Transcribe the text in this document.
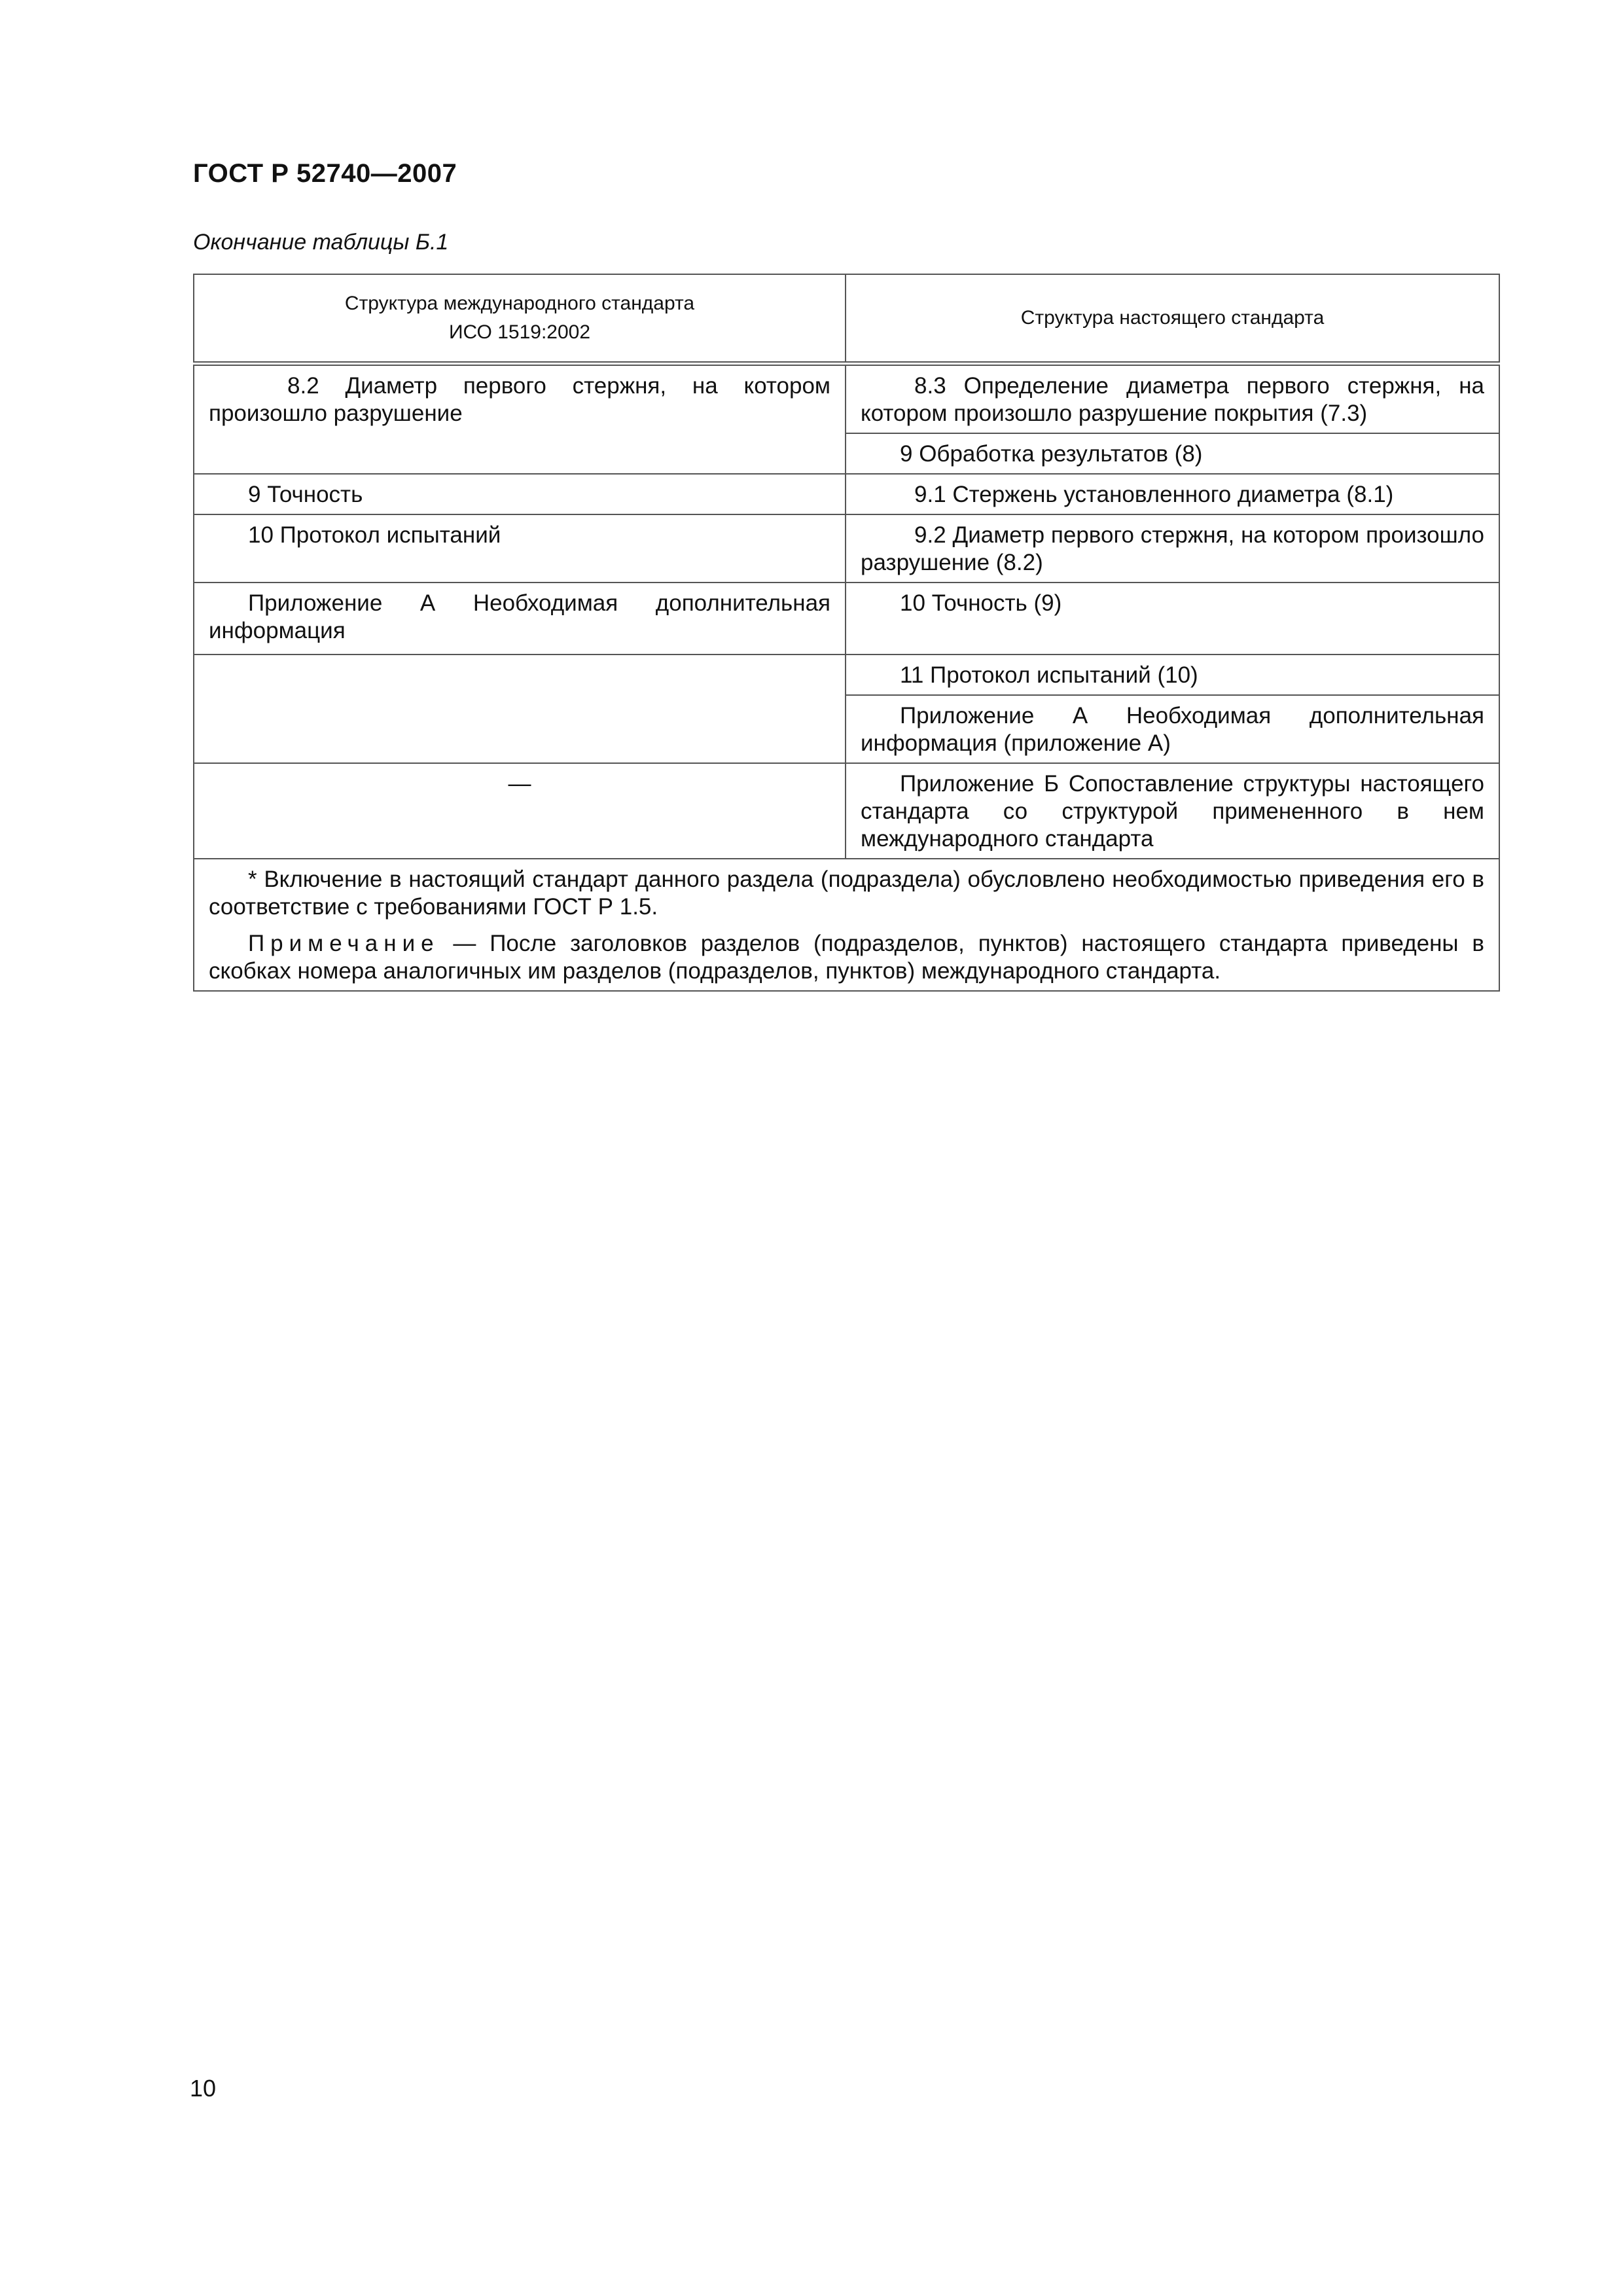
ГОСТ Р 52740—2007
Окончание таблицы Б.1
Структура международного стандарта
ИСО 1519:2002	Структура настоящего стандарта
8.2 Диаметр первого стержня, на котором произошло разрушение	8.3 Определение диаметра первого стержня, на котором произошло разрушение покрытия (7.3)
	9 Обработка результатов (8)
9 Точность	9.1 Стержень установленного диаметра (8.1)
10 Протокол испытаний	9.2 Диаметр первого стержня, на котором произошло разрушение (8.2)
Приложение А Необходимая дополнительная информация	10 Точность (9)
	11 Протокол испытаний (10)
	Приложение А Необходимая дополнительная информация (приложение А)
—	Приложение Б Сопоставление структуры настоящего стандарта со структурой примененного в нем международного стандарта

* Включение в настоящий стандарт данного раздела (подраздела) обусловлено необходимостью приведения его в соответствие с требованиями ГОСТ Р 1.5.

Примечание — После заголовков разделов (подразделов, пунктов) настоящего стандарта приведены в скобках номера аналогичных им разделов (подразделов, пунктов) международного стандарта.	

10
